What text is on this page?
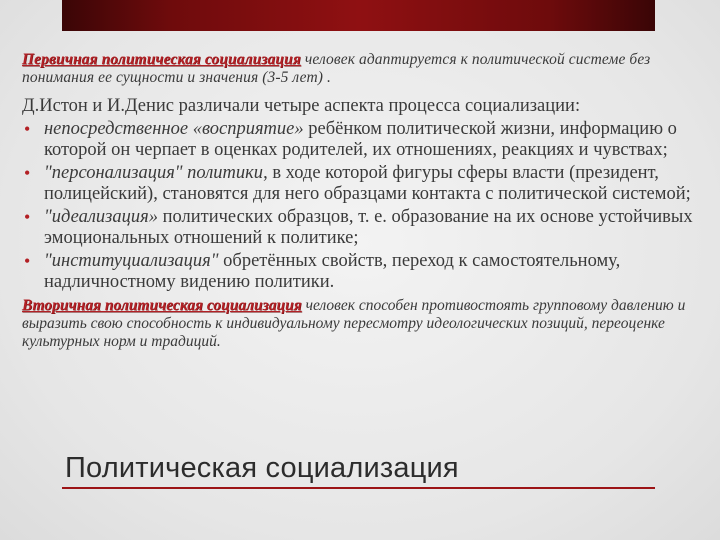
Первичная политическая социализация человек адаптируется к политической системе без понимания ее сущности и значения (3-5 лет) .
Д.Истон и И.Денис различали четыре аспекта процесса социализации:
• непосредственное «восприятие» ребёнком политической жизни, информацию о которой он черпает в оценках родителей, их отношениях, реакциях и чувствах;
• "персонализация" политики, в ходе которой фигуры сферы власти (президент, полицейский), становятся для него образцами контакта с политической системой;
• "идеализация» политических образцов, т. е. образование на их основе устойчивых эмоциональных отношений к политике;
• "институциализация" обретённых свойств, переход к самостоятельному, надличностному видению политики.
Вторичная политическая социализация человек способен противостоять групповому давлению и выразить свою способность к индивидуальному пересмотру идеологических позиций, переоценке культурных норм и традиций.
Политическая социализация
